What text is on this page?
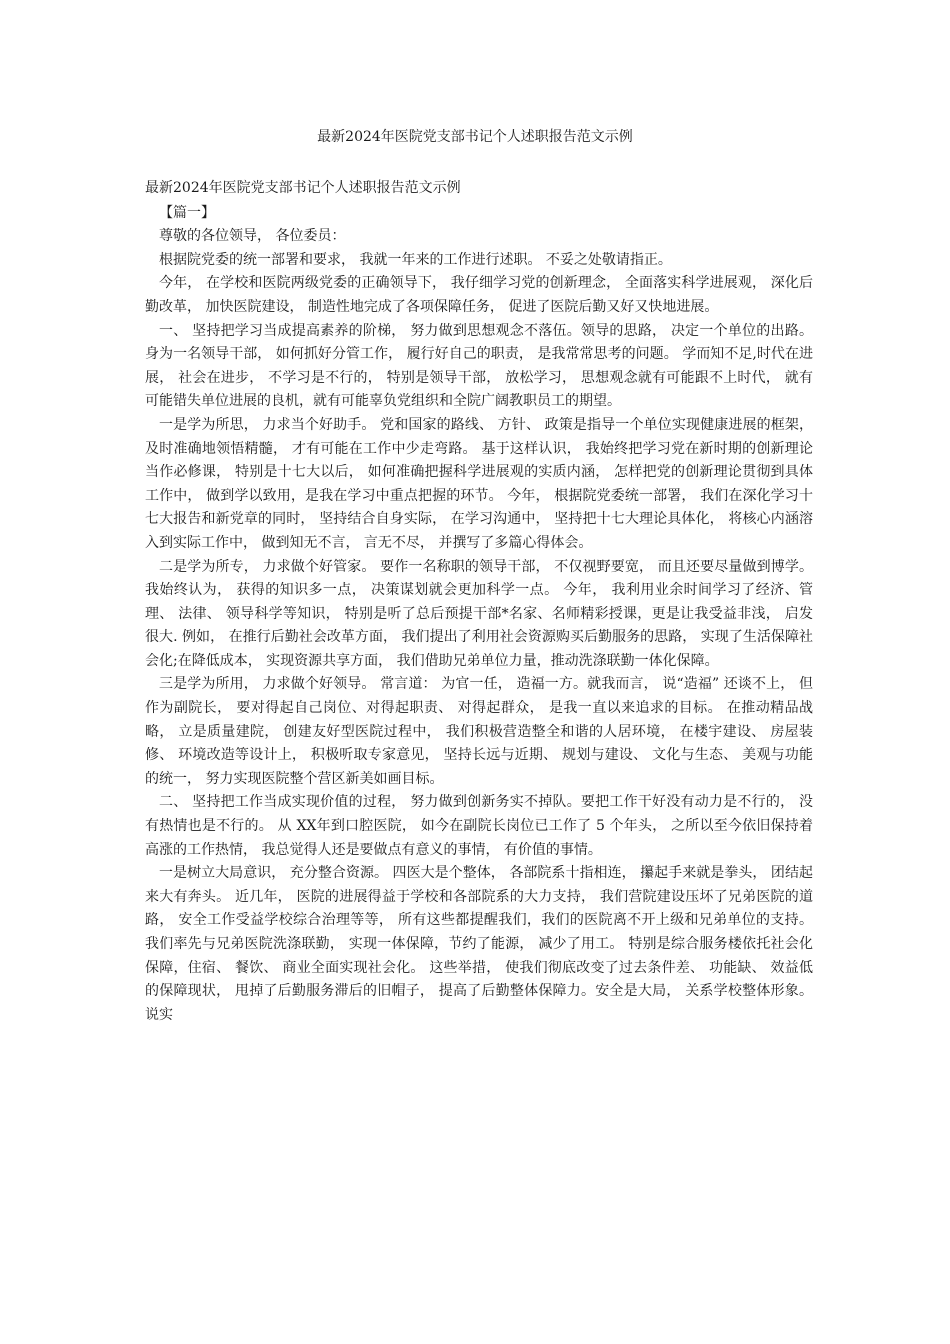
最新2024年医院党支部书记个人述职报告范文示例

最新2024年医院党支部书记个人述职报告范文示例

【篇一】

尊敬的各位领导， 各位委员：

根据院党委的统一部署和要求， 我就一年来的工作进行述职。 不妥之处敬请指正。

今年， 在学校和医院两级党委的正确领导下， 我仔细学习党的创新理念， 全面落实科学进展观， 深化后勤改革， 加快医院建设， 制造性地完成了各项保障任务， 促进了医院后勤又好又快地进展。

一、 坚持把学习当成提高素养的阶梯， 努力做到思想观念不落伍。领导的思路， 决定一个单位的出路。 身为一名领导干部， 如何抓好分管工作， 履行好自己的职责， 是我常常思考的问题。 学而知不足,时代在进展， 社会在进步， 不学习是不行的， 特别是领导干部， 放松学习， 思想观念就有可能跟不上时代， 就有可能错失单位进展的良机，就有可能辜负党组织和全院广阔教职员工的期望。

一是学为所思， 力求当个好助手。 党和国家的路线、 方针、 政策是指导一个单位实现健康进展的框架， 及时准确地领悟精髓， 才有可能在工作中少走弯路。 基于这样认识， 我始终把学习党在新时期的创新理论当作必修课， 特别是十七大以后， 如何准确把握科学进展观的实质内涵， 怎样把党的创新理论贯彻到具体工作中， 做到学以致用，是我在学习中重点把握的环节。 今年， 根据院党委统一部署， 我们在深化学习十七大报告和新党章的同时， 坚持结合自身实际， 在学习沟通中， 坚持把十七大理论具体化， 将核心内涵溶入到实际工作中， 做到知无不言， 言无不尽， 并撰写了多篇心得体会。

二是学为所专， 力求做个好管家。 要作一名称职的领导干部， 不仅视野要宽， 而且还要尽量做到博学。 我始终认为， 获得的知识多一点， 决策谋划就会更加科学一点。 今年， 我利用业余时间学习了经济、管理、 法律、 领导科学等知识， 特别是听了总后预提干部*名家、名师精彩授课，更是让我受益非浅， 启发很大. 例如， 在推行后勤社会改革方面， 我们提出了利用社会资源购买后勤服务的思路， 实现了生活保障社会化;在降低成本， 实现资源共享方面， 我们借助兄弟单位力量，推动洗涤联勤一体化保障。

三是学为所用， 力求做个好领导。 常言道： 为官一任， 造福一方。就我而言， 说“造福” 还谈不上， 但作为副院长， 要对得起自己岗位、对得起职责、 对得起群众， 是我一直以来追求的目标。 在推动精品战略， 立是质量建院， 创建友好型医院过程中， 我们积极营造整全和谐的人居环境， 在楼宇建设、 房屋装修、 环境改造等设计上， 积极听取专家意见， 坚持长远与近期、 规划与建设、 文化与生态、 美观与功能的统一， 努力实现医院整个营区新美如画目标。

二、 坚持把工作当成实现价值的过程， 努力做到创新务实不掉队。要把工作干好没有动力是不行的， 没有热情也是不行的。 从 XX年到口腔医院， 如今在副院长岗位已工作了 5 个年头， 之所以至今依旧保持着高涨的工作热情， 我总觉得人还是要做点有意义的事情， 有价值的事情。

一是树立大局意识， 充分整合资源。 四医大是个整体， 各部院系十指相连， 攥起手来就是拳头， 团结起来大有奔头。 近几年， 医院的进展得益于学校和各部院系的大力支持， 我们营院建设压坏了兄弟医院的道路， 安全工作受益学校综合治理等等， 所有这些都提醒我们，我们的医院离不开上级和兄弟单位的支持。 我们率先与兄弟医院洗涤联勤， 实现一体保障，节约了能源， 减少了用工。 特别是综合服务楼依托社会化保障，住宿、 餐饮、 商业全面实现社会化。 这些举措， 使我们彻底改变了过去条件差、 功能缺、 效益低的保障现状， 甩掉了后勤服务滞后的旧帽子， 提高了后勤整体保障力。安全是大局， 关系学校整体形象。 说实
